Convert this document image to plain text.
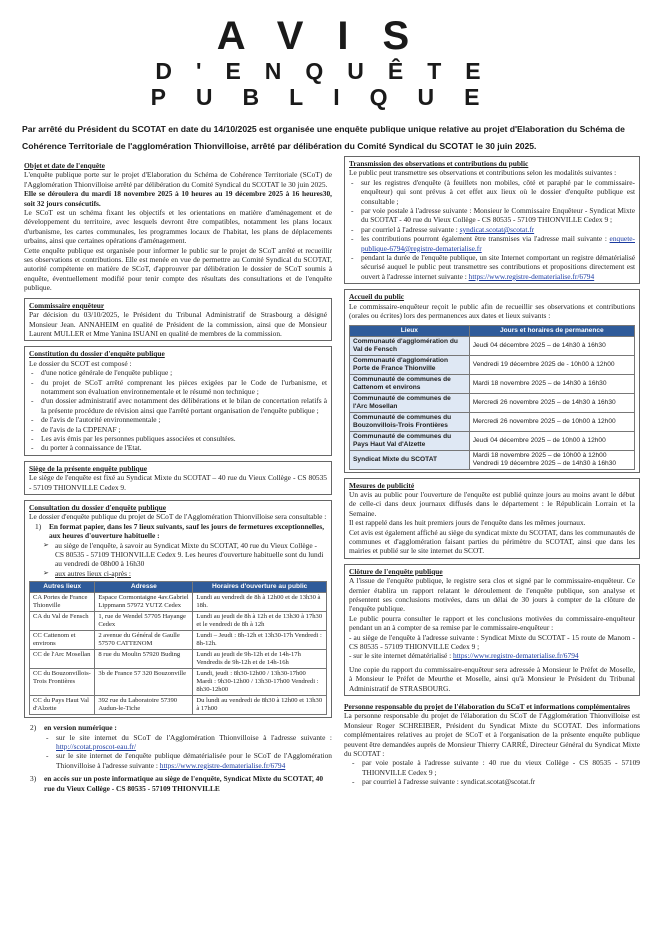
AVIS
D'ENQUÊTE
PUBLIQUE
Par arrêté du Président du SCOTAT en date du 14/10/2025 est organisée une enquête publique unique relative au projet d'Elaboration du Schéma de Cohérence Territoriale de l'agglomération Thionvilloise, arrêté par délibération du Comité Syndical du SCOTAT le 30 juin 2025.
Objet et date de l'enquête

L'enquête publique porte sur le projet d'Elaboration du Schéma de Cohérence Territoriale (SCoT) de l'Agglomération Thionvilloise arrêté par délibération du Comité Syndical du SCOTAT le 30 juin 2025.

Elle se déroulera du mardi 18 novembre 2025 à 10 heures au 19 décembre 2025 à 16 heures30, soit 32 jours consécutifs.

Le SCoT est un schéma fixant les objectifs et les orientations en matière d'aménagement et de développement du territoire, avec lesquels devront être compatibles, notamment les plans locaux d'urbanisme, les cartes communales, les programmes locaux de l'habitat, les plans de déplacements urbains, ainsi que certaines opérations d'aménagement.

Cette enquête publique est organisée pour informer le public sur le projet de SCoT arrêté et recueillir ses observations et contributions. Elle est menée en vue de permettre au Comité Syndical du SCOTAT, autorité compétente en matière de SCoT, d'approuver par délibération le dossier de SCoT soumis à enquête, éventuellement modifié pour tenir compte des résultats des consultations et de l'enquête publique.

Commissaire enquêteur

Par décision du 03/10/2025, le Président du Tribunal Administratif de Strasbourg a désigné Monsieur Jean. ANNAHEIM en qualité de Président de la commission, ainsi que de Monsieur Laurent MULLER et Mme Yanina ISUANI en qualité de membres de la commission.

Constitution du dossier d'enquête publique

Le dossier du SCOT est composé :

- d'une notice générale de l'enquête publique ;
- du projet de SCoT arrêté comprenant les pièces exigées par le Code de l'urbanisme, et notamment son évaluation environnementale et le résumé non technique ;
- d'un dossier administratif avec notamment des délibérations et le bilan de concertation relatifs à la présente procédure de révision ainsi que l'arrêté portant organisation de l'enquête publique ;
- de l'avis de l'autorité environnementale ;
- de l'avis de la CDPENAF ;
- Les avis émis par les personnes publiques associées et consultées.
- du porter à connaissance de l'Etat.
Siège de la présente enquête publique

Le siège de l'enquête est fixé au Syndicat Mixte du SCOTAT – 40 rue du Vieux Collège - CS 80535 - 57109 THIONVILLE Cedex 9.

Consultation du dossier d'enquête publique

Le dossier d'enquête publique du projet de SCoT de l'Agglomération Thionvilloise sera consultable :

1) En format papier, dans les 7 lieux suivants, sauf les jours de fermetures exceptionnelles, aux heures d'ouverture habituelle :
➢ au siège de l'enquête, à savoir au Syndicat Mixte du SCOTAT, 40 rue du Vieux Collège - CS 80535 - 57109 THIONVILLE Cedex 9. Les heures d'ouverture habituelle sont du lundi au vendredi de 08h00 à 16h30
➢ aux autres lieux ci-après :
Autres lieux	Adresse	Horaires d'ouverture au public
CA Portes de France Thionville	Espace Cormontaigne 4av.Gabriel Lippmann 57972 YUTZ Cedex	Lundi au vendredi de 8h à 12h00 et de 13h30 à 18h.
CA du Val de Fensch	1, rue de Wendel 57705 Hayange Cedex	Lundi au jeudi de 8h à 12h et de 13h30 à 17h30 et le vendredi de 8h à 12h
CC Cattenom et environs	2 avenue du Général de Gaulle 57570 CATTENOM	Lundi – Jeudi : 8h-12h et 13h30-17h Vendredi : 8h-12h.
CC de l'Arc Mosellan	8 rue du Moulin 57920 Buding	Lundi au jeudi de 9h-12h et de 14h-17h Vendredis de 9h-12h et de 14h-16h
CC du Bouzonvillois-Trois Frontières	3b de France 57 320 Bouzonville	Lundi, jeudi : 8h30-12h00 / 13h30-17h00 Mardi : 9h30-12h00 / 13h30-17h00 Vendredi : 8h30-12h00
CC du Pays Haut Val d'Alzette	392 rue du Laboratoire 57390 Audun-le-Tiche	Du lundi au vendredi de 8h30 à 12h00 et 13h30 à 17h00
2) en version numérique :
- sur le site internet du SCoT de l'Agglomération Thionvilloise à l'adresse suivante : http://scotat.proscot-eau.fr/
- sur le site internet de l'enquête publique dématérialisée pour le SCoT de l'Agglomération Thionvilloise à l'adresse suivante : https://www.registre-dematerialise.fr/6794
3) en accès sur un poste informatique au siège de l'enquête, Syndicat Mixte du SCOTAT, 40 rue du Vieux Collège - CS 80535 - 57109 THIONVILLE
Transmission des observations et contributions du public

Le public peut transmettre ses observations et contributions selon les modalités suivantes :

- sur les registres d'enquête (à feuillets non mobiles, côté et paraphé par le commissaire-enquêteur) qui sont prévus à cet effet aux lieux où le dossier d'enquête publique est consultable ;
- par voie postale à l'adresse suivante : Monsieur le Commissaire Enquêteur - Syndicat Mixte du SCOTAT - 40 rue du Vieux Collège - CS 80535 - 57109 THIONVILLE Cedex 9 ;
- par courriel à l'adresse suivante : syndicat.scotat@scotat.fr
- les contributions pourront également être transmises via l'adresse mail suivante : enquete-publique-6794@registre-dematerialise.fr
- pendant la durée de l'enquête publique, un site Internet comportant un registre dématérialisé sécurisé auquel le public peut transmettre ses contributions et propositions directement est ouvert à l'adresse internet suivante : https://www.registre-dematerialise.fr/6794
Accueil du public

Le commissaire-enquêteur reçoit le public afin de recueillir ses observations et contributions (orales ou écrites) lors des permanences aux dates et lieux suivants :

Lieux	Jours et horaires de permanence
Communauté d'agglomération du Val de Fensch	Jeudi 04 décembre 2025 – de 14h30 à 16h30
Communauté d'agglomération Porte de France Thionville	Vendredi 19 décembre 2025 de - 10h00 à 12h00
Communauté de communes de Cattenom et environs	Mardi 18 novembre 2025 – de 14h30 à 16h30
Communauté de communes de l'Arc Mosellan	Mercredi 26 novembre 2025 – de 14h30 à 16h30
Communauté de communes du Bouzonvillois-Trois Frontières	Mercredi 26 novembre 2025 – de 10h00 à 12h00
Communauté de communes du Pays Haut Val d'Alzette	Jeudi 04 décembre 2025 – de 10h00 à 12h00
Syndicat Mixte du SCOTAT	Mardi 18 novembre 2025 – de 10h00 à 12h00 Vendredi 19 décembre 2025 – de 14h30 à 16h30
Mesures de publicité

Un avis au public pour l'ouverture de l'enquête est publié quinze jours au moins avant le début de celle-ci dans deux journaux diffusés dans le département : le Républicain Lorrain et la Semaine.

Il est rappelé dans les huit premiers jours de l'enquête dans les mêmes journaux.

Cet avis est également affiché au siège du syndicat mixte du SCOTAT, dans les communautés de communes et d'agglomération faisant parties du périmètre du SCOTAT, ainsi que dans les mairies et publié sur le site internet du SCOT.

Clôture de l'enquête publique

A l'issue de l'enquête publique, le registre sera clos et signé par le commissaire-enquêteur. Ce dernier établira un rapport relatant le déroulement de l'enquête publique, son analyse et présentent ses conclusions motivées, dans un délai de 30 jours à compter de la clôture de l'enquête publique.

Le public pourra consulter le rapport et les conclusions motivées du commissaire-enquêteur pendant un an à compter de sa remise par le commissaire-enquêteur :

- au siège de l'enquête à l'adresse suivante : Syndicat Mixte du SCOTAT - 15 route de Manom - CS 80535 - 57109 THIONVILLE Cedex 9 ;

- sur le site internet dématérialisé : https://www.registre-dematerialise.fr/6794

Une copie du rapport du commissaire-enquêteur sera adressée à Monsieur le Préfet de Moselle, à Monsieur le Préfet de Meurthe et Moselle, ainsi qu'à Monsieur le Président du Tribunal Administratif de STRASBOURG.

Personne responsable du projet de l'élaboration du SCoT et informations complémentaires

La personne responsable du projet de l'élaboration du SCoT de l'Agglomération Thionvilloise est Monsieur Roger SCHREIBER, Président du Syndicat Mixte du SCOTAT. Des informations complémentaires relatives au projet de SCoT et à l'organisation de la présente enquête publique peuvent être demandées auprès de Monsieur Thierry CARRÉ, Directeur Général du Syndicat Mixte du SCOTAT :

- par voie postale à l'adresse suivante : 40 rue du vieux Collège - CS 80535 - 57109 THIONVILLE Cedex 9 ;
- par courriel à l'adresse suivante : syndicat.scotat@scotat.fr
